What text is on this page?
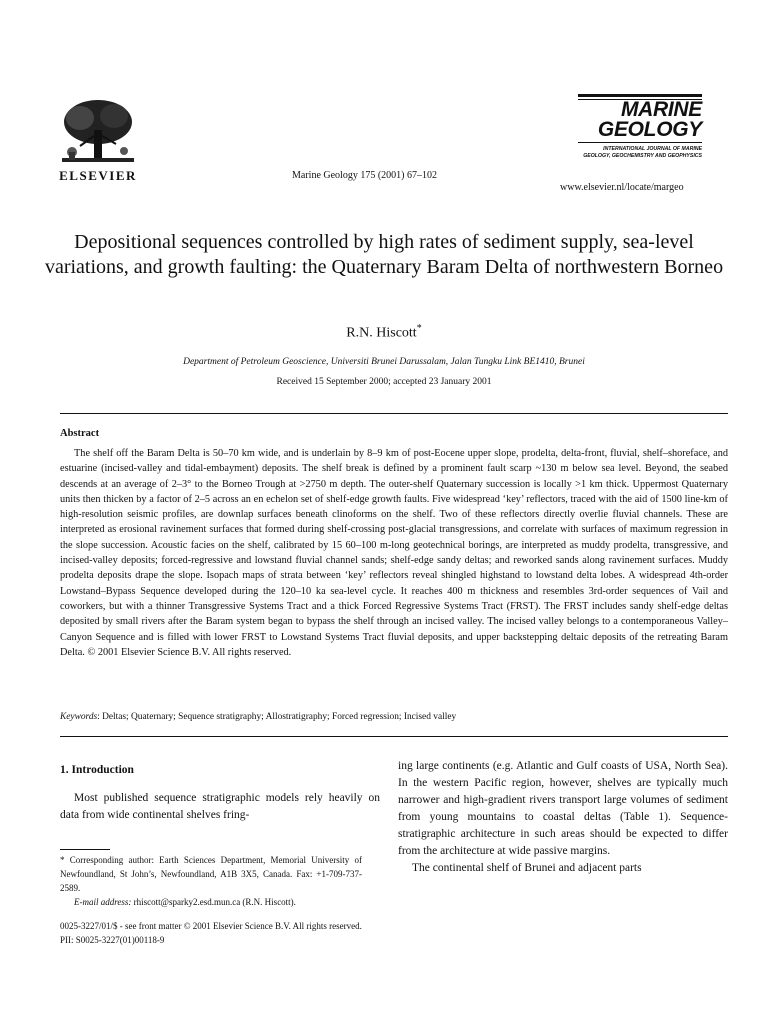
ELSEVIER	Marine Geology 175 (2001) 67–102
MARINE
GEOLOGY
INTERNATIONAL JOURNAL OF MARINE
GEOLOGY, GEOCHEMISTRY AND GEOPHYSICS
www.elsevier.nl/locate/margeo
Depositional sequences controlled by high rates of sediment supply, sea-level variations, and growth faulting: the Quaternary Baram Delta of northwestern Borneo
R.N. Hiscott*
Department of Petroleum Geoscience, Universiti Brunei Darussalam, Jalan Tungku Link BE1410, Brunei
Received 15 September 2000; accepted 23 January 2001
Abstract

The shelf off the Baram Delta is 50–70 km wide, and is underlain by 8–9 km of post-Eocene upper slope, prodelta, delta-front, fluvial, shelf–shoreface, and estuarine (incised-valley and tidal-embayment) deposits. The shelf break is defined by a prominent fault scarp ~130 m below sea level. Beyond, the seabed descends at an average of 2–3° to the Borneo Trough at >2750 m depth. The outer-shelf Quaternary succession is locally >1 km thick. Uppermost Quaternary units then thicken by a factor of 2–5 across an en echelon set of shelf-edge growth faults. Five widespread ‘key’ reflectors, traced with the aid of 1500 line-km of high-resolution seismic profiles, are downlap surfaces beneath clinoforms on the shelf. Two of these reflectors directly overlie fluvial channels. These are interpreted as erosional ravinement surfaces that formed during shelf-crossing post-glacial transgressions, and correlate with surfaces of maximum regression in the slope succession. Acoustic facies on the shelf, calibrated by 15 60–100 m-long geotechnical borings, are interpreted as muddy prodelta, transgressive, and incised-valley deposits; forced-regressive and lowstand fluvial channel sands; shelf-edge sandy deltas; and reworked sands along ravinement surfaces. Muddy prodelta deposits drape the slope. Isopach maps of strata between ‘key’ reflectors reveal shingled highstand to lowstand delta lobes. A widespread 4th-order Lowstand–Bypass Sequence developed during the 120–10 ka sea-level cycle. It reaches 400 m thickness and resembles 3rd-order sequences of Vail and coworkers, but with a thinner Transgressive Systems Tract and a thick Forced Regressive Systems Tract (FRST). The FRST includes sandy shelf-edge deltas deposited by small rivers after the Baram system began to bypass the shelf through an incised valley. The incised valley belongs to a contemporaneous Valley–Canyon Sequence and is filled with lower FRST to Lowstand Systems Tract fluvial deposits, and upper backstepping deltaic deposits of the retreating Baram Delta. © 2001 Elsevier Science B.V. All rights reserved.

Keywords: Deltas; Quaternary; Sequence stratigraphy; Allostratigraphy; Forced regression; Incised valley
1. Introduction

Most published sequence stratigraphic models rely heavily on data from wide continental shelves fring-

* Corresponding author: Earth Sciences Department, Memorial University of Newfoundland, St John’s, Newfoundland, A1B 3X5, Canada. Fax: +1-709-737-2589.
E-mail address: rhiscott@sparky2.esd.mun.ca (R.N. Hiscott).

ing large continents (e.g. Atlantic and Gulf coasts of USA, North Sea). In the western Pacific region, however, shelves are typically much narrower and high-gradient rivers transport large volumes of sediment from young mountains to coastal deltas (Table 1). Sequence-stratigraphic architecture in such areas should be expected to differ from the architecture at wide passive margins.

The continental shelf of Brunei and adjacent parts

0025-3227/01/$ - see front matter © 2001 Elsevier Science B.V. All rights reserved.
PII: S0025-3227(01)00118-9
